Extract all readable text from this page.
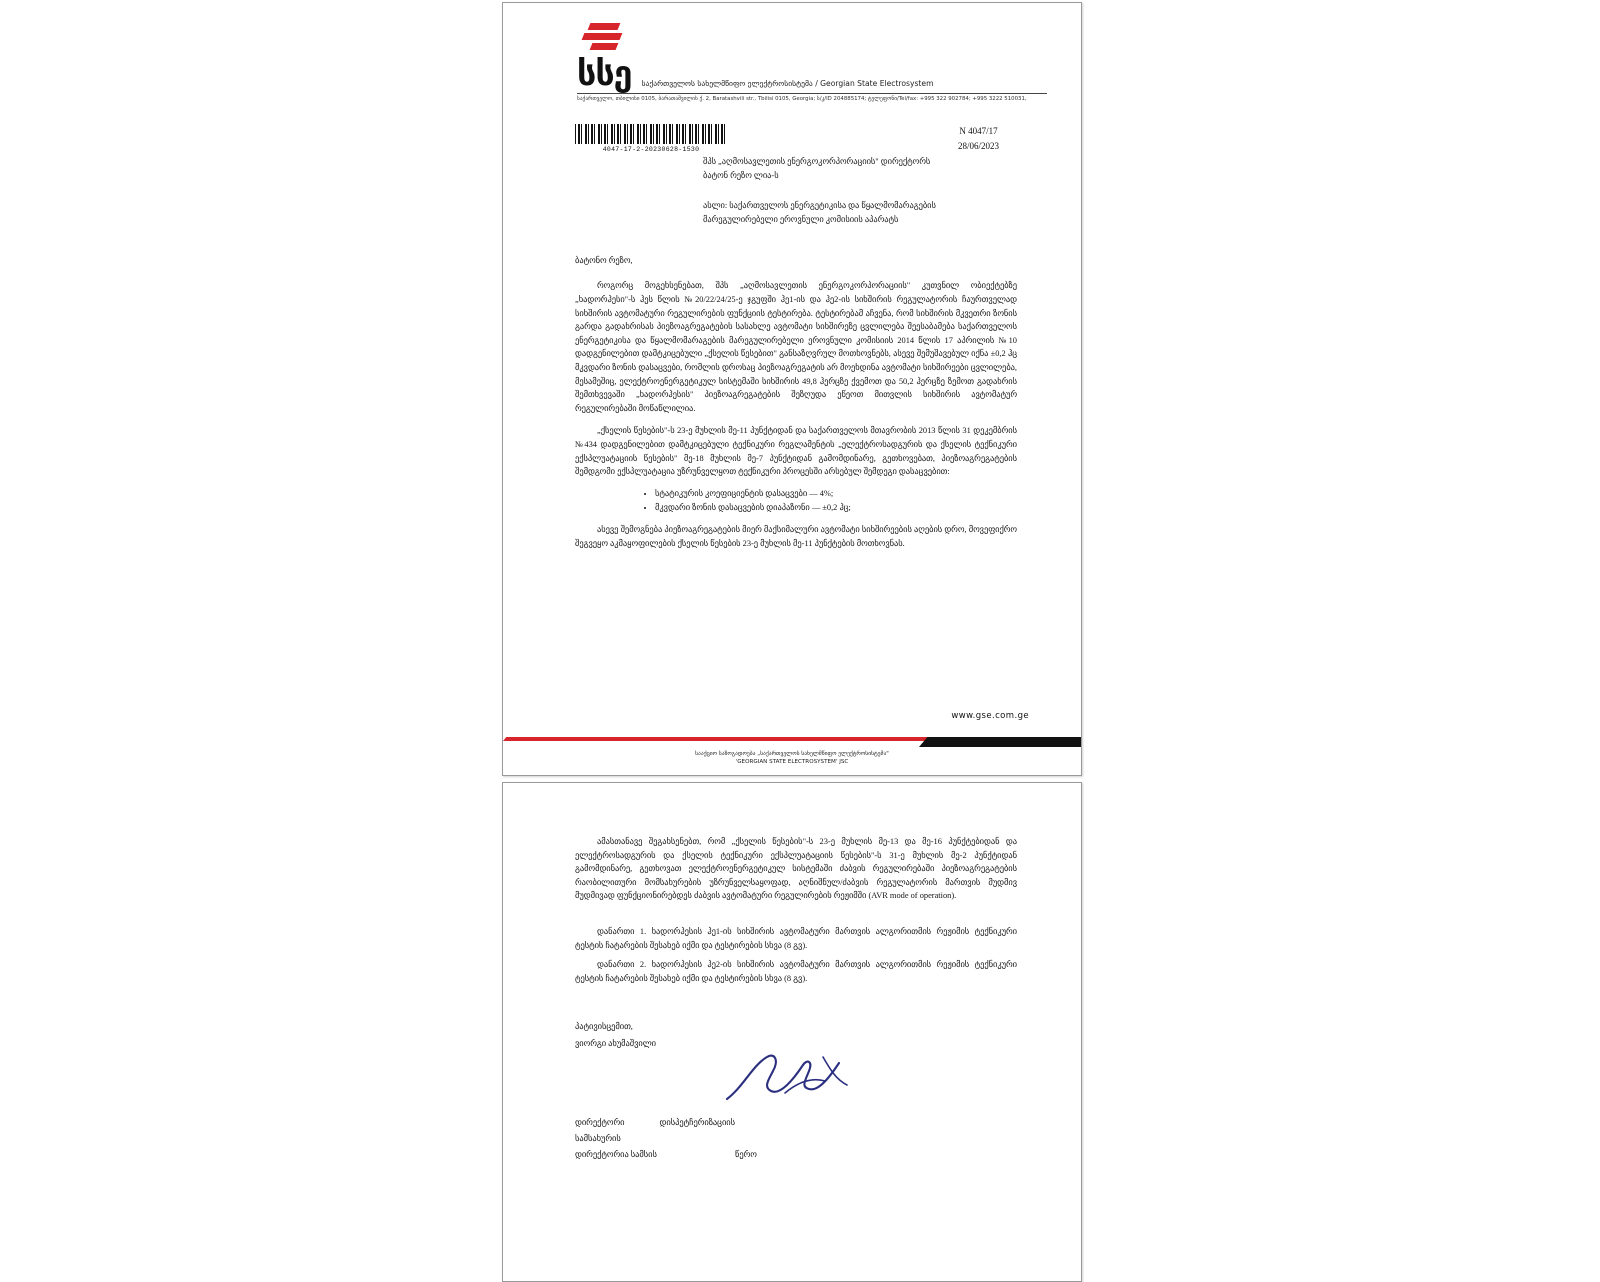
სსე საქართველოს სახელმწიფო ელექტროსისტემა / Georgian State Electrosystem
საქართველო, თბილისი 0105, ბარათაშვილის ქ. 2, Baratashvili str., Tbilisi 0105, Georgia; ს/კ/ID 204885174; ტელეფონი/Tel/fax: +995 322 902784; +995 3222 510031,
4047-17-2-20230628-1530
N 4047/17
28/06/2023
შპს „აღმოსავლეთის ენერგოკორპორაციის" დირექტორს
ბატონ რეზო ლია-ს
ასლი: საქართველოს ენერგეტიკისა და წყალმომარაგების
მარეგულირებელი ეროვნული კომისიის აპარატს
ბატონო რეზო,

როგორც მოგეხსენებათ, შპს „აღმოსავლეთის ენერგოკორპორაციის" კუთვნილ ობიექტებზე „ხადორჰესი"-ს ჰეს წლის №20/22/24/25-ე ჯგუფში ჰე1-ის და ჰე2-ის სიხშირის რეგულატორის ჩაურთველად სიხშირის ავტომატური რეგულირების ფუნქციის ტესტირება. ტესტირებამ აჩვენა, რომ სიხშირის მკვეთრი ზონის გარდა გადახრისას პიეზოაგრეგატების სასახლე ავტომატი სიხშირეზე ცვლილება შეესაბამება საქართველოს ენერგეტიკისა და წყალმომარაგების მარეგულირებელი ეროვნული კომისიის 2014 წლის 17 აპრილის №10 დადგენილებით დამტკიცებული „ქსელის წესებით" განსაზღვრულ მოთხოვნებს, ასევე შემუშავებულ იქნა ±0,2 ჰც მკვდარი ზონის დასაცვები, რომლის დროსაც პიეზოაგრეგატის არ მოეხდინა ავტომატი სიხშირეები ცვლილება, მესამეშიც, ელექტროენერგეტიკულ სისტემაში სიხშირის 49,8 ჰერცზე ქვემოთ და 50,2 ჰერცზე ზემოთ გადახრის შემთხვევაში „ხადორჰესის" პიეზოაგრეგატების შეზღუდა ეწეოთ მითვლის სიხშირის ავტომატურ რეგულირებაში მოწაწლილია.

„ქსელის წესების"-ს 23-ე მუხლის მე-11 პუნქტიდან და საქართველოს მთავრობის 2013 წლის 31 დეკემბრის №434 დადგენილებით დამტკიცებული ტექნიკური რეგლამენტის „ელექტროსადგურის და ქსელის ტექნიკური ექსპლუატაციის წესების" მე-18 მუხლის მე-7 პუნქტიდან გამომდინარე, გეთხოვებათ, პიეზოაგრეგატების შემდგომი ექსპლუატაცია უზრუნველყოთ ტექნიკური პროცესში არსებულ შემდეგი დასაცვებით:

• სტატიკურის კოეფიციენტის დასაცვები — 4%;
• მკვდარი ზონის დასაცვების დიაპაზონი — ±0,2 ჰც;

ასევე შემოგნება პიეზოაგრეგატების მიერ მაქსიმალური ავტომატი სიხშირეების აღების დრო, მოვეფიქრო შეგვეყო აკმაყოფილების ქსელის წესების 23-ე მუხლის მე-11 პუნქტების მოთხოვნას.

www.gse.com.ge
სააქციო საზოგადოება „საქართველოს სახელმწიფო ელექტროსისტემა"
'GEORGIAN STATE ELECTROSYSTEM' JSC

ამასთანავე შეგახსენებთ, რომ „ქსელის წესების"-ს 23-ე მუხლის მე-13 და მე-16 პუნქტებიდან და ელექტროსადგურის და ქსელის ტექნიკური ექსპლუატაციის წესების"-ს 31-ე მუხლის მე-2 პუნქტიდან გამომდინარე, გეთხოვათ ელექტროენერგეტიკულ სისტემაში ძაბვის რეგულირებაში პიეზოაგრეგატების რაობილითური მომსახურების უზრუნველსაყოფად, აღნიშნულ/ძაბვის რეგულატორის მართვის მუდმივ მუდმივად ფუნქციონირებდეს ძაბვის ავტომატური რეგულირების რეჟიმში (AVR mode of operation).

დანართი 1. ხადორჰესის ჰე1-ის სიხშირის ავტომატური მართვის ალგორითმის რეჟიმის ტექნიკური ტესტის ჩატარების შესახებ იქმი და ტესტირების სხვა (8 გვ).

დანართი 2. ხადორჰესის ჰე2-ის სიხშირის ავტომატური მართვის ალგორითმის რეჟიმის ტექნიკური ტესტის ჩატარების შესახებ იქმი და ტესტირების სხვა (8 გვ).

პატივისცემით,
ვიორგი ახუმაშვილი
დირექტორი დისპეტჩერიზაციის სამსახურის
დირექტორია სამსის	წერო
